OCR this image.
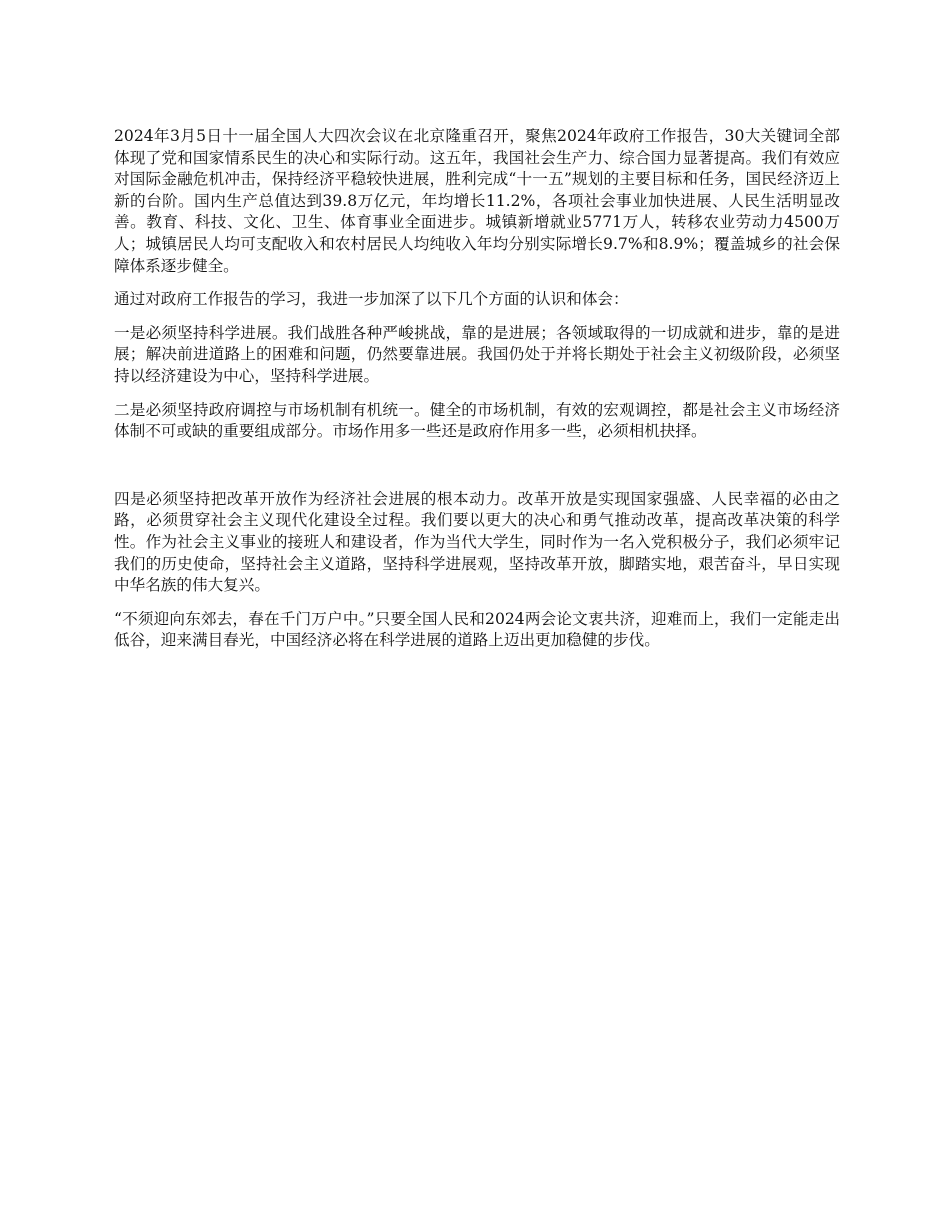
2024年3月5日十一届全国人大四次会议在北京隆重召开，聚焦2024年政府工作报告，30大关键词全部体现了党和国家情系民生的决心和实际行动。这五年，我国社会生产力、综合国力显著提高。我们有效应对国际金融危机冲击，保持经济平稳较快进展，胜利完成“十一五”规划的主要目标和任务，国民经济迈上新的台阶。国内生产总值达到39.8万亿元，年均增长11.2%，各项社会事业加快进展、人民生活明显改善。教育、科技、文化、卫生、体育事业全面进步。城镇新增就业5771万人，转移农业劳动力4500万人；城镇居民人均可支配收入和农村居民人均纯收入年均分别实际增长9.7%和8.9%；覆盖城乡的社会保障体系逐步健全。

通过对政府工作报告的学习，我进一步加深了以下几个方面的认识和体会：

一是必须坚持科学进展。我们战胜各种严峻挑战，靠的是进展；各领域取得的一切成就和进步，靠的是进展；解决前进道路上的困难和问题，仍然要靠进展。我国仍处于并将长期处于社会主义初级阶段，必须坚持以经济建设为中心，坚持科学进展。

二是必须坚持政府调控与市场机制有机统一。健全的市场机制，有效的宏观调控，都是社会主义市场经济体制不可或缺的重要组成部分。市场作用多一些还是政府作用多一些，必须相机抉择。

四是必须坚持把改革开放作为经济社会进展的根本动力。改革开放是实现国家强盛、人民幸福的必由之路，必须贯穿社会主义现代化建设全过程。我们要以更大的决心和勇气推动改革，提高改革决策的科学性。作为社会主义事业的接班人和建设者，作为当代大学生，同时作为一名入党积极分子，我们必须牢记我们的历史使命，坚持社会主义道路，坚持科学进展观，坚持改革开放，脚踏实地，艰苦奋斗，早日实现中华名族的伟大复兴。

“不须迎向东郊去，春在千门万户中。”只要全国人民和2024两会论文衷共济，迎难而上，我们一定能走出低谷，迎来满目春光，中国经济必将在科学进展的道路上迈出更加稳健的步伐。
